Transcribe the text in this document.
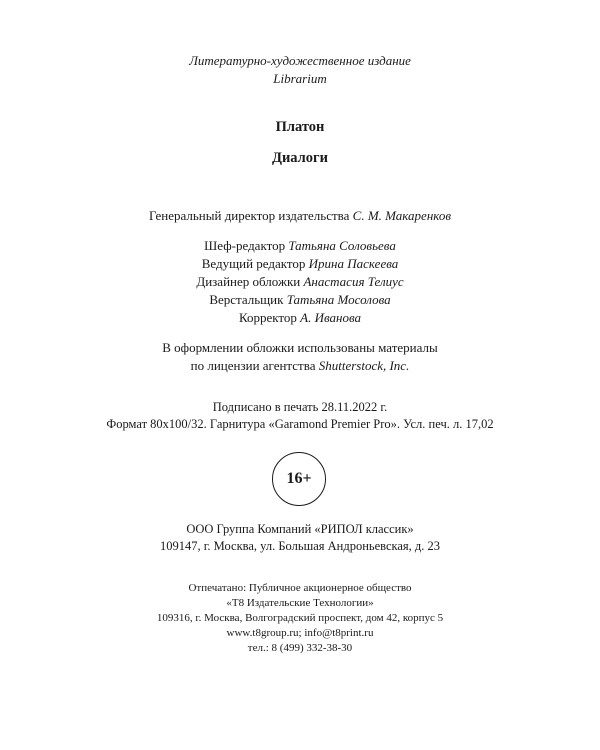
Литературно-художественное издание
Librarium
Платон
Диалоги
Генеральный директор издательства С. М. Макаренков
Шеф-редактор Татьяна Соловьева
Ведущий редактор Ирина Паскеева
Дизайнер обложки Анастасия Телиус
Верстальщик Татьяна Мосолова
Корректор А. Иванова
В оформлении обложки использованы материалы
по лицензии агентства Shutterstock, Inc.
Подписано в печать 28.11.2022 г.
Формат 80x100/32. Гарнитура «Garamond Premier Pro». Усл. печ. л. 17,02
16+
ООО Группа Компаний «РИПОЛ классик»
109147, г. Москва, ул. Большая Андроньевская, д. 23
Отпечатано: Публичное акционерное общество
«Т8 Издательские Технологии»
109316, г. Москва, Волгоградский проспект, дом 42, корпус 5
www.t8group.ru; info@t8print.ru
тел.: 8 (499) 332-38-30
